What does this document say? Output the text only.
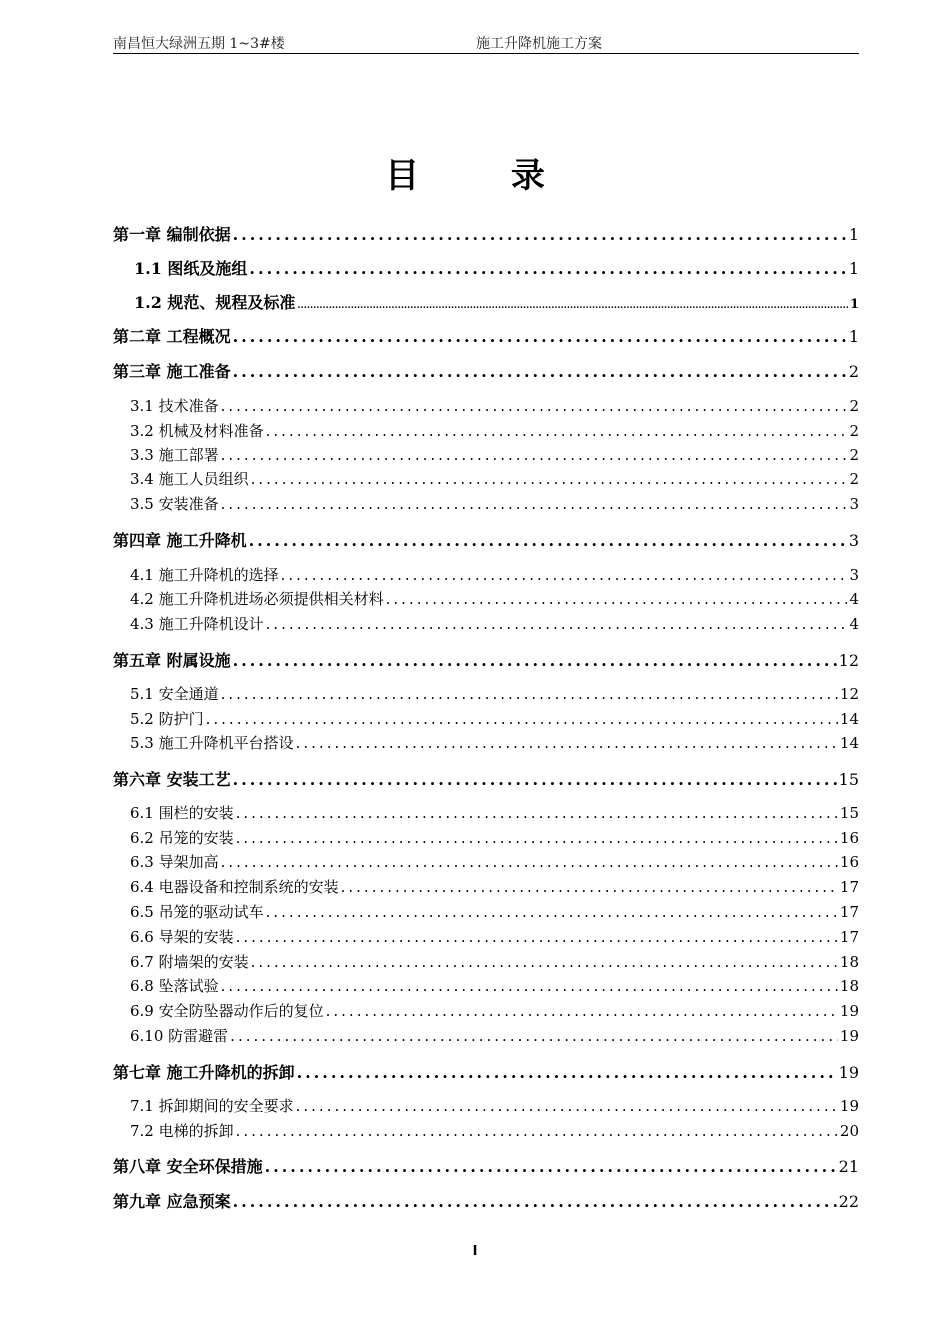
南昌恒大绿洲五期 1~3#楼	施工升降机施工方案
目 录
第一章 编制依据 .....	1
1.1 图纸及施组 .....	1
1.2 规范、规程及标准 .....	1
第二章 工程概况 .....	1
第三章 施工准备 .....	2
3.1 技术准备 .....	2
3.2 机械及材料准备 .....	2
3.3 施工部署 .....	2
3.4 施工人员组织 .....	2
3.5 安装准备 .....	3
第四章 施工升降机 .....	3
4.1 施工升降机的选择 .....	3
4.2 施工升降机进场必须提供相关材料 .....	4
4.3 施工升降机设计 .....	4
第五章 附属设施 .....	12
5.1 安全通道 .....	12
5.2 防护门 .....	14
5.3 施工升降机平台搭设 .....	14
第六章 安装工艺 .....	15
6.1 围栏的安装 .....	15
6.2 吊笼的安装 .....	16
6.3 导架加高 .....	16
6.4 电器设备和控制系统的安装 .....	17
6.5 吊笼的驱动试车 .....	17
6.6 导架的安装 .....	17
6.7 附墙架的安装 .....	18
6.8 坠落试验 .....	18
6.9 安全防坠器动作后的复位 .....	19
6.10 防雷避雷 .....	19
第七章 施工升降机的拆卸 .....	19
7.1 拆卸期间的安全要求 .....	19
7.2 电梯的拆卸 .....	20
第八章 安全环保措施 .....	21
第九章 应急预案 .....	22
I
